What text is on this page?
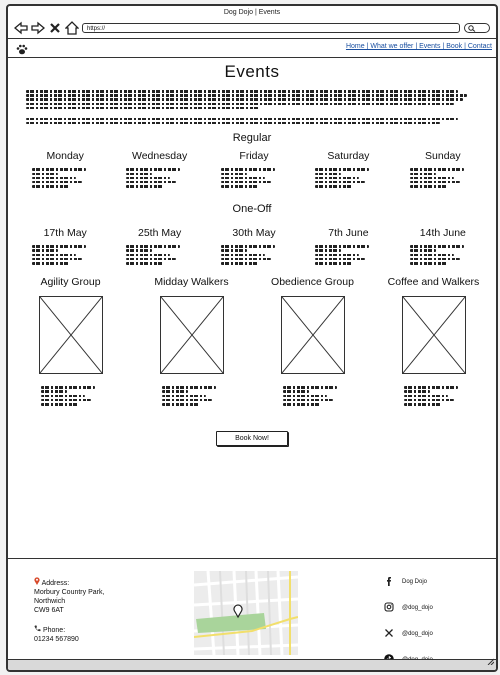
Dog Dojo | Events
https://
Home | What we offer | Events | Book | Contact
Events
Regular
Monday	Wednesday	Friday	Saturday	Sunday
One-Off
17th May	25th May	30th May	7th June	14th June
Agility Group	Midday Walkers	Obedience Group	Coffee and Walkers
Book Now!
Address:
Morbury Country Park,
Northwich
CW9 6AT
Phone:
01234 567890
Dog Dojo
@dog_dojo
@dog_dojo
